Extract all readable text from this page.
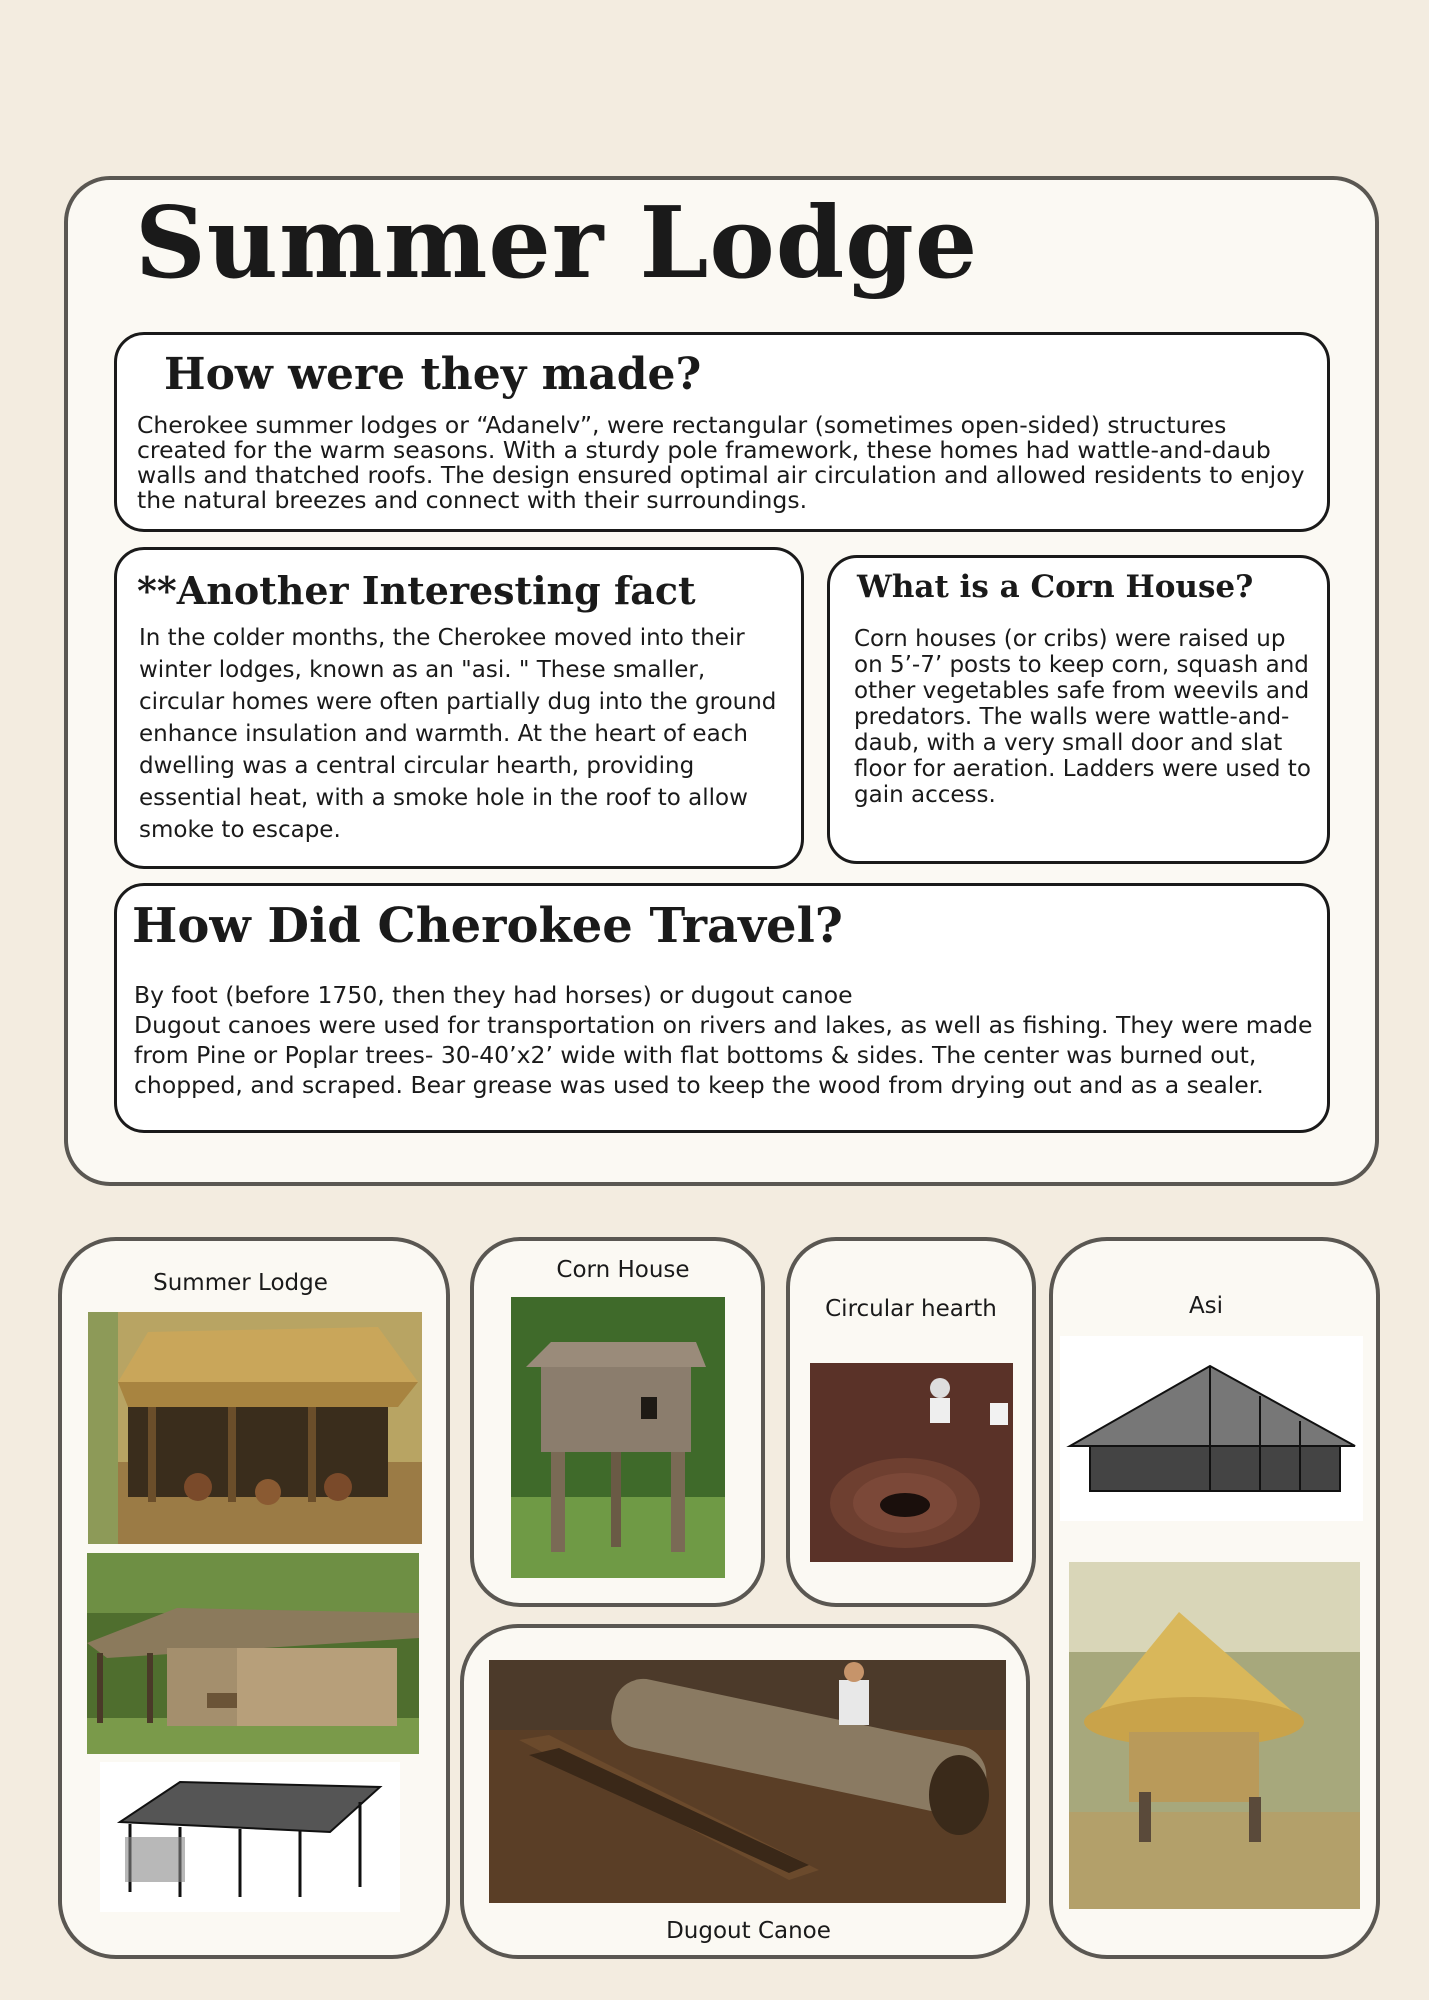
Summer Lodge
How were they made?
Cherokee summer lodges or “Adanelv”, were rectangular (sometimes open-sided) structures created for the warm seasons. With a sturdy pole framework, these homes had wattle-and-daub walls and thatched roofs. The design ensured optimal air circulation and allowed residents to enjoy the natural breezes and connect with their surroundings.
**Another Interesting fact
In the colder months, the Cherokee moved into their winter lodges, known as an "asi. " These smaller, circular homes were often partially dug into the ground enhance insulation and warmth. At the heart of each dwelling was a central circular hearth, providing essential heat, with a smoke hole in the roof to allow smoke to escape.
What is a Corn House?
Corn houses (or cribs) were raised up on 5’-7’ posts to keep corn, squash and other vegetables safe from weevils and predators. The walls were wattle-and-daub, with a very small door and slat floor for aeration. Ladders were used to gain access.
How Did Cherokee Travel?
By foot (before 1750, then they had horses) or dugout canoe
Dugout canoes were used for transportation on rivers and lakes, as well as fishing. They were made from Pine or Poplar trees- 30-40’x2’ wide with flat bottoms & sides. The center was burned out, chopped, and scraped. Bear grease was used to keep the wood from drying out and as a sealer.
Summer Lodge	Corn House
Circular hearth	Asi
Dugout Canoe
